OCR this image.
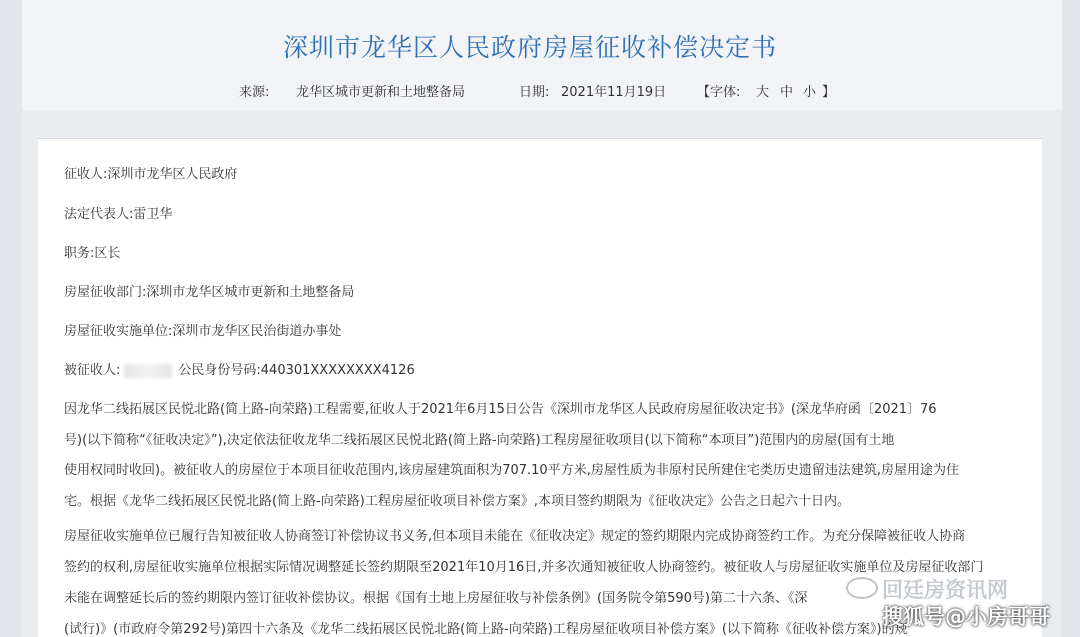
深圳市龙华区人民政府房屋征收补偿决定书
来源: 龙华区城市更新和土地整备局	日期: 2021年11月19日 【字体: 大 中 小 】
征收人:深圳市龙华区人民政府
法定代表人:雷卫华
职务:区长
房屋征收部门:深圳市龙华区城市更新和土地整备局
房屋征收实施单位:深圳市龙华区民治街道办事处
被征收人:	公民身份号码:440301XXXXXXXX4126
因龙华二线拓展区民悦北路(简上路-向荣路)工程需要,征收人于2021年6月15日公告《深圳市龙华区人民政府房屋征收决定书》(深龙华府函〔2021〕76
号)(以下简称“《征收决定》”),决定依法征收龙华二线拓展区民悦北路(简上路-向荣路)工程房屋征收项目(以下简称“本项目”)范围内的房屋(国有土地
使用权同时收回)。被征收人的房屋位于本项目征收范围内,该房屋建筑面积为707.10平方米,房屋性质为非原村民所建住宅类历史遗留违法建筑,房屋用途为住
宅。根据《龙华二线拓展区民悦北路(简上路-向荣路)工程房屋征收项目补偿方案》,本项目签约期限为《征收决定》公告之日起六十日内。
房屋征收实施单位已履行告知被征收人协商签订补偿协议书义务,但本项目未能在《征收决定》规定的签约期限内完成协商签约工作。为充分保障被征收人协商
签约的权利,房屋征收实施单位根据实际情况调整延长签约期限至2021年10月16日,并多次通知被征收人协商签约。被征收人与房屋征收实施单位及房屋征收部门
未能在调整延长后的签约期限内签订征收补偿协议。根据《国有土地上房屋征收与补偿条例》(国务院令第590号)第二十六条、《深
(试行)》(市政府令第292号)第四十六条及《龙华二线拓展区民悦北路(简上路-向荣路)工程房屋征收项目补偿方案》(以下简称《征收补偿方案》)的规
回廷房资讯网
搜狐号@小房哥哥
